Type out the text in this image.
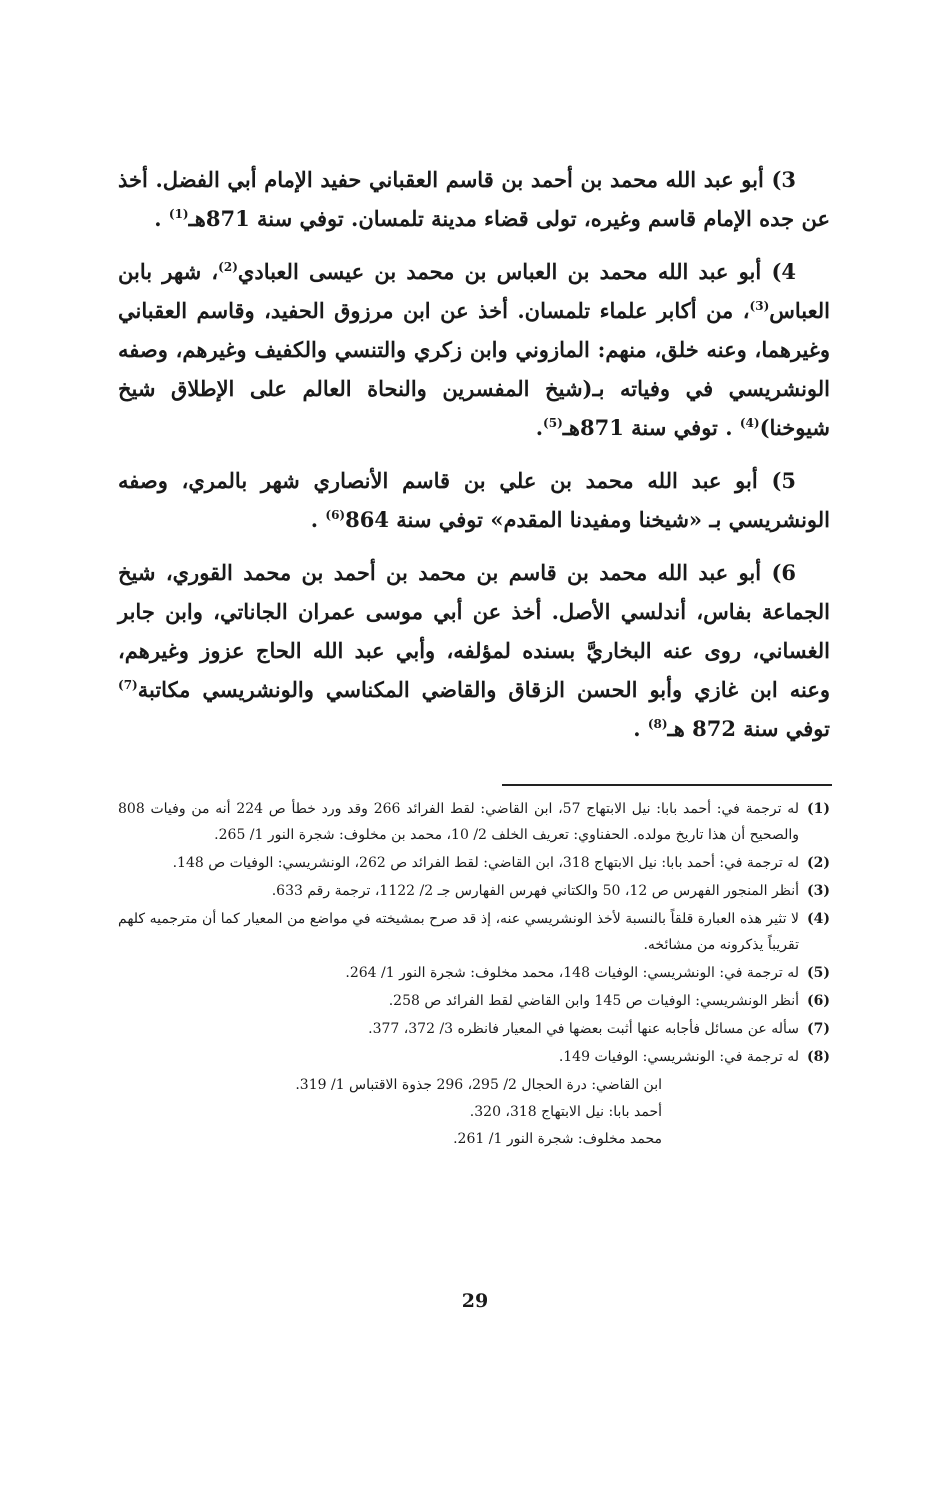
3) أبو عبد الله محمد بن أحمد بن قاسم العقباني حفيد الإمام أبي الفضل. أخذ عن جده الإمام قاسم وغيره، تولى قضاء مدينة تلمسان. توفي سنة 871هـ$^{(1)}$ .

4) أبو عبد الله محمد بن العباس بن محمد بن عيسى العبادي$^{(2)}$، شهر بابن العباس$^{(3)}$، من أكابر علماء تلمسان. أخذ عن ابن مرزوق الحفيد، وقاسم العقباني وغيرهما، وعنه خلق، منهم: المازوني وابن زكري والتنسي والكفيف وغيرهم، وصفه الونشريسي في وفياته بـ(شيخ المفسرين والنحاة العالم على الإطلاق شيخ شيوخنا)$^{(4)}$ . توفي سنة 871هـ$^{(5)}$.

5) أبو عبد الله محمد بن علي بن قاسم الأنصاري شهر بالمري، وصفه الونشريسي بـ «شيخنا ومفيدنا المقدم» توفي سنة 864$^{(6)}$ .

6) أبو عبد الله محمد بن قاسم بن محمد بن أحمد بن محمد القوري، شيخ الجماعة بفاس، أندلسي الأصل. أخذ عن أبي موسى عمران الجاناتي، وابن جابر الغساني، روى عنه البخاريَّ بسنده لمؤلفه، وأبي عبد الله الحاج عزوز وغيرهم، وعنه ابن غازي وأبو الحسن الزقاق والقاضي المكناسي والونشريسي مكاتبة$^{(7)}$ توفي سنة 872 هـ$^{(8)}$ .

(1)
له ترجمة في: أحمد بابا: نيل الابتهاج 57، ابن القاضي: لقط الفرائد 266 وقد ورد خطأ ص 224 أنه من وفيات 808 والصحيح أن هذا تاريخ مولده. الحفناوي: تعريف الخلف 2/ 10، محمد بن مخلوف: شجرة النور 1/ 265.
(2)
له ترجمة في: أحمد بابا: نيل الابتهاج 318، ابن القاضي: لقط الفرائد ص 262، الونشريسي: الوفيات ص 148.
(3)
أنظر المنجور الفهرس ص 12، 50 والكتاني فهرس الفهارس جـ 2/ 1122، ترجمة رقم 633.
(4)
لا تثير هذه العبارة قلقاً بالنسبة لأخذ الونشريسي عنه، إذ قد صرح بمشيخته في مواضع من المعيار كما أن مترجميه كلهم تقريباً يذكرونه من مشائخه.
(5)
له ترجمة في: الونشريسي: الوفيات 148، محمد مخلوف: شجرة النور 1/ 264.
(6)
أنظر الونشريسي: الوفيات ص 145 وابن القاضي لقط الفرائد ص 258.
(7)
سأله عن مسائل فأجابه عنها أثبت بعضها في المعيار فانظره 3/ 372، 377.
(8)
له ترجمة في: الونشريسي: الوفيات 149.

ابن القاضي: درة الحجال 2/ 295، 296 جذوة الاقتباس 1/ 319.

أحمد بابا: نيل الابتهاج 318، 320.

محمد مخلوف: شجرة النور 1/ 261.

29
